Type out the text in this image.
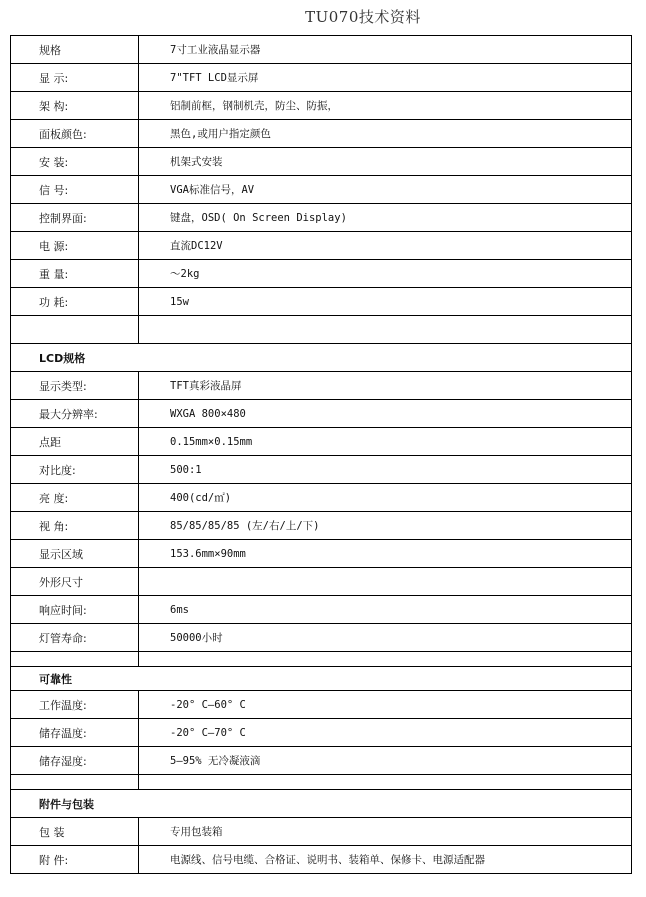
TU070技术资料
规格	7寸工业液晶显示器
显 示:	7"TFT LCD显示屏
架 构:	铝制前框，钢制机壳，防尘、防振，
面板颜色:	黑色,或用户指定颜色
安 装:	机架式安装
信 号:	VGA标准信号，AV
控制界面:	键盘，OSD( On Screen Display)
电 源:	直流DC12V
重 量:	～2kg
功 耗:	15w

LCD规格	
显示类型:	TFT真彩液晶屏
最大分辨率:	WXGA 800×480
点距	0.15mm×0.15mm
对比度:	500:1
亮 度:	400(cd/㎡)
视 角:	85/85/85/85 (左/右/上/下)
显示区域	153.6mm×90mm
外形尺寸	
响应时间:	6ms
灯管寿命:	50000小时

可靠性	
工作温度:	-20° C—60° C
储存温度:	-20° C—70° C
储存湿度:	5—95% 无冷凝液滴

附件与包装	
包 装	专用包装箱
附 件:	电源线、信号电缆、合格证、说明书、装箱单、保修卡、电源适配器
